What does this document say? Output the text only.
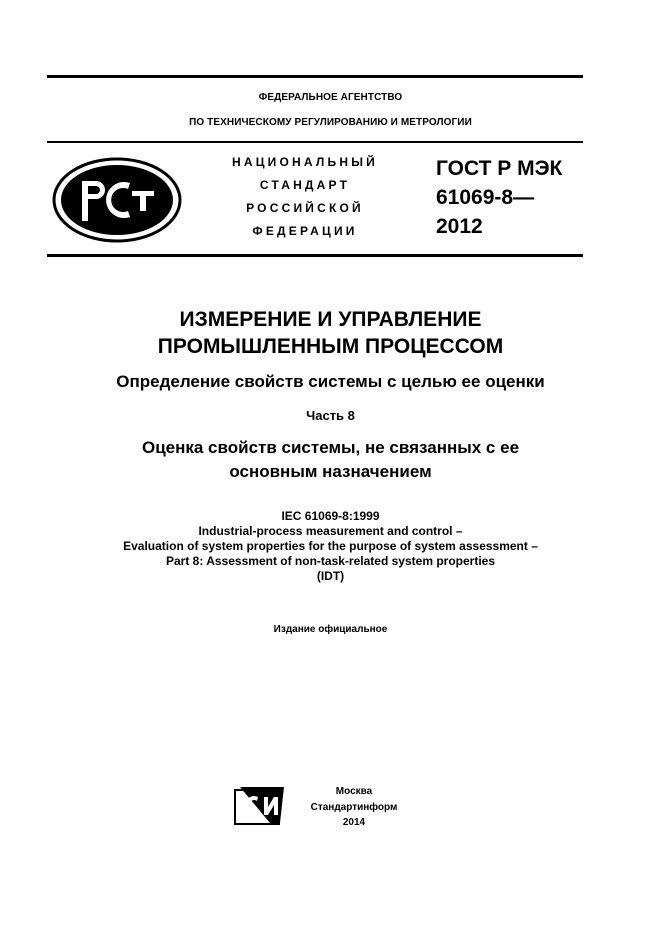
ФЕДЕРАЛЬНОЕ АГЕНТСТВО
ПО ТЕХНИЧЕСКОМУ РЕГУЛИРОВАНИЮ И МЕТРОЛОГИИ
НАЦИОНАЛЬНЫЙ
СТАНДАРТ
РОССИЙСКОЙ
ФЕДЕРАЦИИ
ГОСТ Р МЭК
61069-8—
2012
ИЗМЕРЕНИЕ И УПРАВЛЕНИЕ
ПРОМЫШЛЕННЫМ ПРОЦЕССОМ
Определение свойств системы с целью ее оценки
Часть 8
Оценка свойств системы, не связанных с ее
основным назначением
IEC 61069-8:1999
Industrial-process measurement and control –
Evaluation of system properties for the purpose of system assessment –
Part 8: Assessment of non-task-related system properties
(IDT)
Издание официальное
Москва
Стандартинформ
2014
